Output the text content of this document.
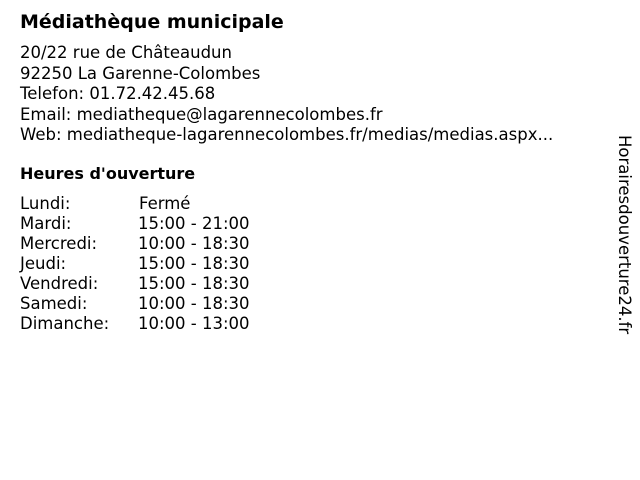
Médiathèque municipale
20/22 rue de Châteaudun
92250 La Garenne-Colombes
Telefon: 01.72.42.45.68
Email: mediatheque@lagarennecolombes.fr
Web: mediatheque-lagarennecolombes.fr/medias/medias.aspx...
Heures d'ouverture
Lundi:	Fermé
Mardi:	15:00 - 21:00
Mercredi: 10:00 - 18:30
Jeudi:	15:00 - 18:30
Vendredi: 15:00 - 18:30
Samedi:	10:00 - 18:30
Dimanche: 10:00 - 13:00	Horairesdouverture24.fr
